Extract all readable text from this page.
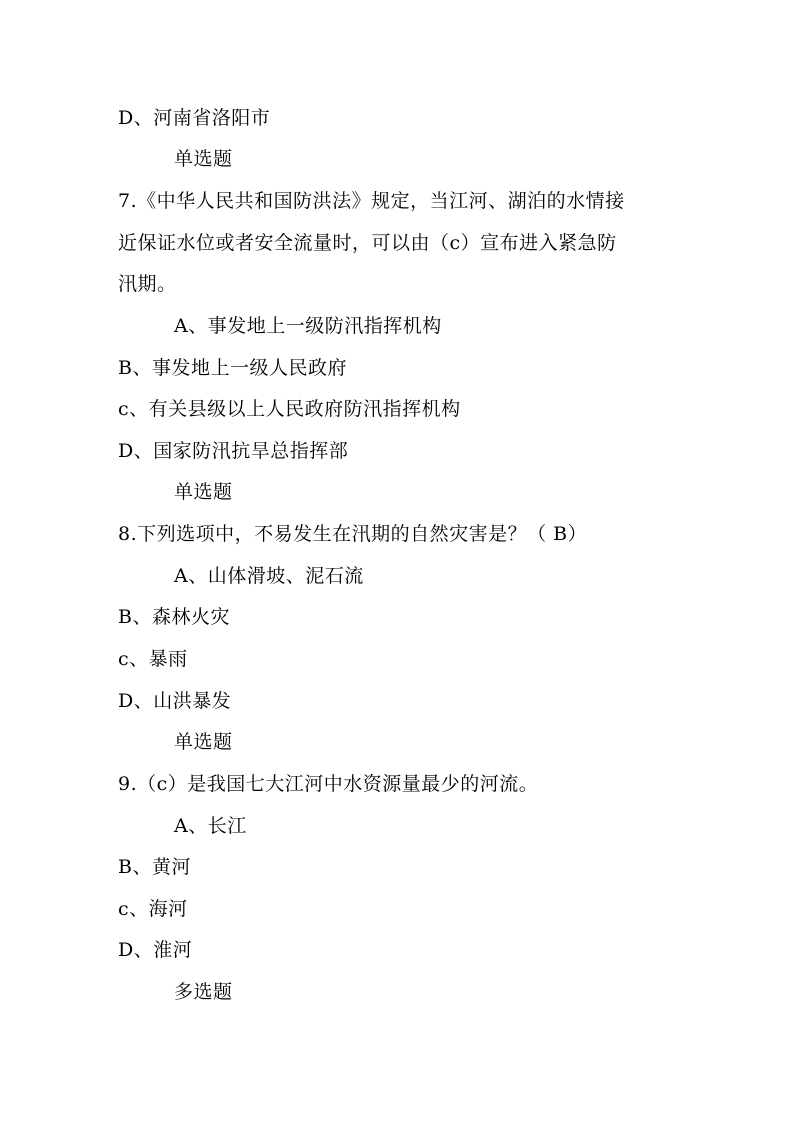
D、河南省洛阳市
单选题
7.《中华人民共和国防洪法》规定，当江河、湖泊的水情接
近保证水位或者安全流量时，可以由（c）宣布进入紧急防
汛期。
A、事发地上一级防汛指挥机构
B、事发地上一级人民政府
c、有关县级以上人民政府防汛指挥机构
D、国家防汛抗旱总指挥部
单选题
8.下列选项中，不易发生在汛期的自然灾害是？（ B）
A、山体滑坡、泥石流
B、森林火灾
c、暴雨
D、山洪暴发
单选题
9.（c）是我国七大江河中水资源量最少的河流。
A、长江
B、黄河
c、海河
D、淮河
多选题
